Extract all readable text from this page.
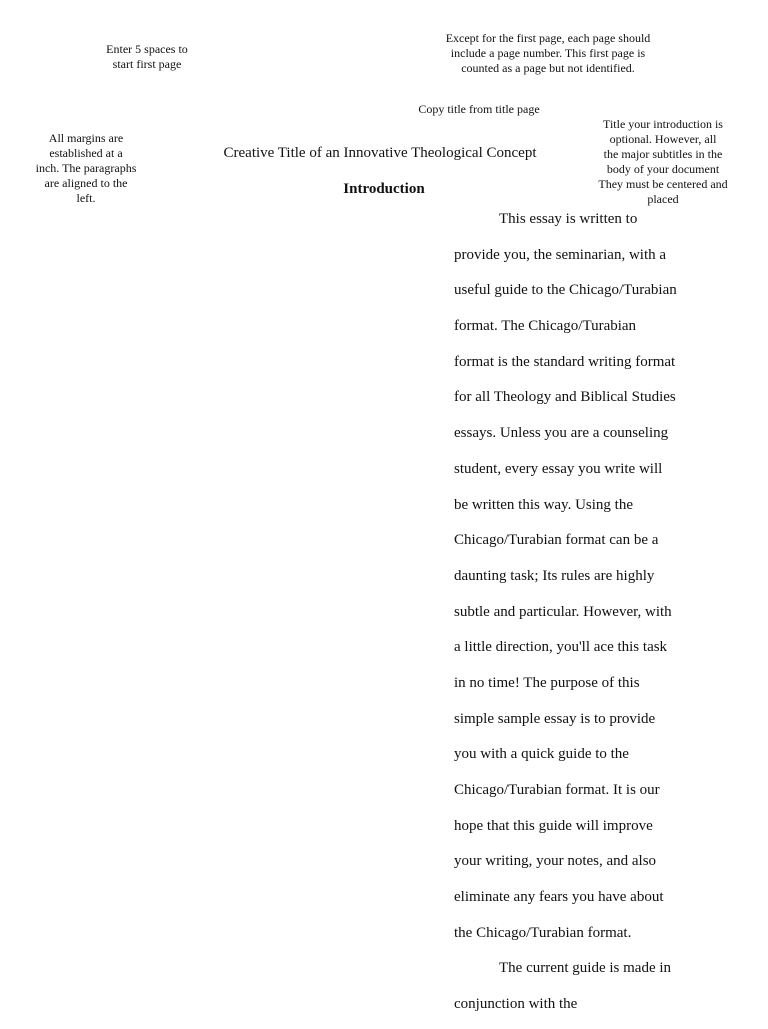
Enter 5 spaces to
start first page
Except for the first page, each page should
include a page number. This first page is
counted as a page but not identified.
Copy title from title page
All margins are
established at a
inch. The paragraphs
are aligned to the
left.
Title your introduction is
optional. However, all
the major subtitles in the
body of your document
They must be centered and
placed
Creative Title of an Innovative Theological Concept
Introduction
This essay is written to
provide you, the seminarian, with a
useful guide to the Chicago/Turabian
format. The Chicago/Turabian
format is the standard writing format
for all Theology and Biblical Studies
essays. Unless you are a counseling
student, every essay you write will
be written this way. Using the
Chicago/Turabian format can be a
daunting task; Its rules are highly
subtle and particular. However, with
a little direction, you'll ace this task
in no time! The purpose of this
simple sample essay is to provide
you with a quick guide to the
Chicago/Turabian format. It is our
hope that this guide will improve
your writing, your notes, and also
eliminate any fears you have about
the Chicago/Turabian format.
The current guide is made in
conjunction with the
